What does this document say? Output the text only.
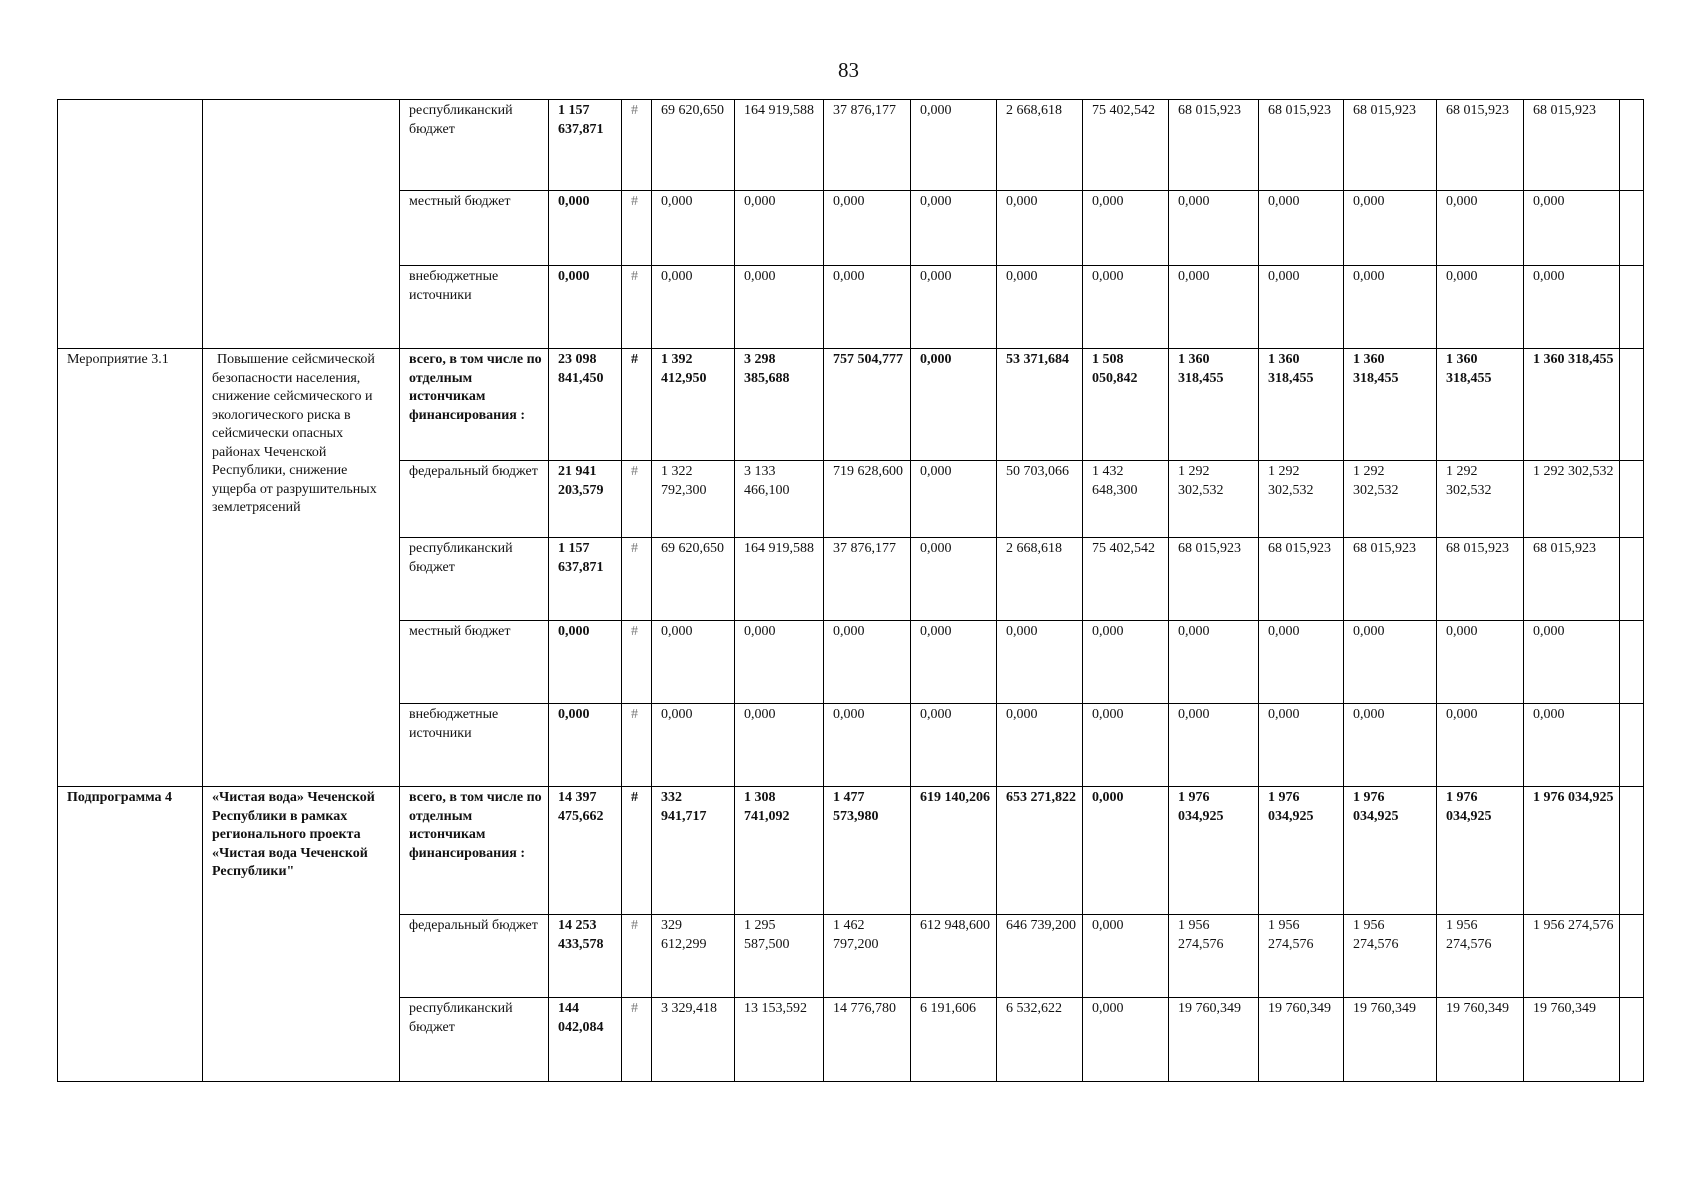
83
		республиканский бюджет	1 157 637,871	#	69 620,650	164 919,588	37 876,177	0,000	2 668,618	75 402,542	68 015,923	68 015,923	68 015,923	68 015,923	68 015,923	
		местный бюджет	0,000	#	0,000	0,000	0,000	0,000	0,000	0,000	0,000	0,000	0,000	0,000	0,000	
		внебюджетные источники	0,000	#	0,000	0,000	0,000	0,000	0,000	0,000	0,000	0,000	0,000	0,000	0,000	
Мероприятие 3.1	Повышение сейсмической безопасности населения, снижение сейсмического и экологического риска в сейсмически опасных районах Чеченской Республики, снижение ущерба от разрушительных землетрясений	всего, в том числе по отделным истончикам финансирования :	23 098 841,450	#	1 392 412,950	3 298 385,688	757 504,777	0,000	53 371,684	1 508 050,842	1 360 318,455	1 360 318,455	1 360 318,455	1 360 318,455	1 360 318,455	
		федеральный бюджет	21 941 203,579	#	1 322 792,300	3 133 466,100	719 628,600	0,000	50 703,066	1 432 648,300	1 292 302,532	1 292 302,532	1 292 302,532	1 292 302,532	1 292 302,532	
		республиканский бюджет	1 157 637,871	#	69 620,650	164 919,588	37 876,177	0,000	2 668,618	75 402,542	68 015,923	68 015,923	68 015,923	68 015,923	68 015,923	
		местный бюджет	0,000	#	0,000	0,000	0,000	0,000	0,000	0,000	0,000	0,000	0,000	0,000	0,000	
		внебюджетные источники	0,000	#	0,000	0,000	0,000	0,000	0,000	0,000	0,000	0,000	0,000	0,000	0,000	
Подпрограмма 4	«Чистая вода» Чеченской Республики в рамках регионального проекта «Чистая вода Чеченской Республики"	всего, в том числе по отделным истончикам финансирования :	14 397 475,662	#	332 941,717	1 308 741,092	1 477 573,980	619 140,206	653 271,822	0,000	1 976 034,925	1 976 034,925	1 976 034,925	1 976 034,925	1 976 034,925	
		федеральный бюджет	14 253 433,578	#	329 612,299	1 295 587,500	1 462 797,200	612 948,600	646 739,200	0,000	1 956 274,576	1 956 274,576	1 956 274,576	1 956 274,576	1 956 274,576	
		республиканский бюджет	144 042,084	#	3 329,418	13 153,592	14 776,780	6 191,606	6 532,622	0,000	19 760,349	19 760,349	19 760,349	19 760,349	19 760,349	
